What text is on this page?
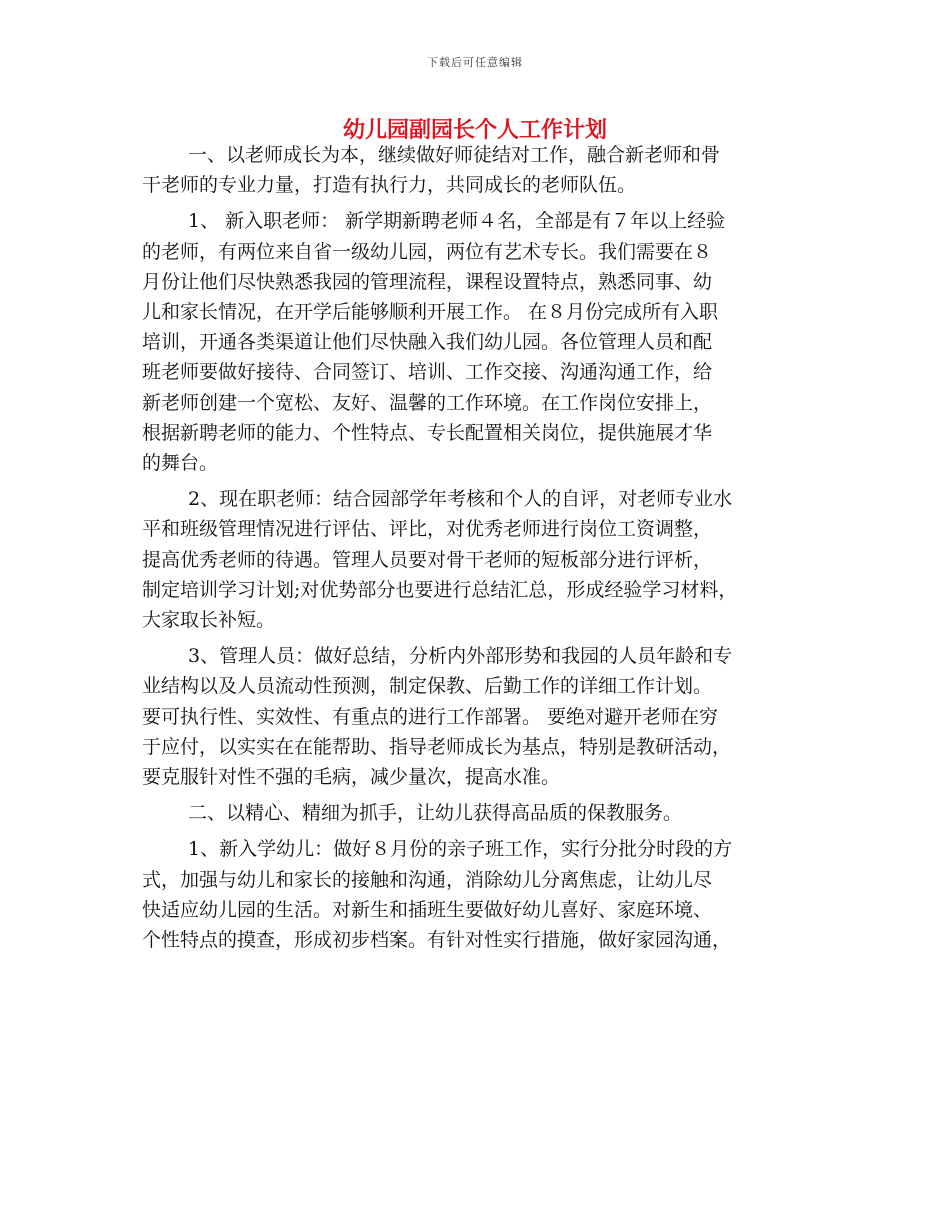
下载后可任意编辑
幼儿园副园长个人工作计划

一、以老师成长为本，继续做好师徒结对工作，融合新老师和骨
干老师的专业力量，打造有执行力，共同成长的老师队伍。

1、 新入职老师： 新学期新聘老师４名，全部是有７年以上经验
的老师，有两位来自省一级幼儿园，两位有艺术专长。我们需要在８
月份让他们尽快熟悉我园的管理流程，课程设置特点，熟悉同事、幼
儿和家长情况，在开学后能够顺利开展工作。 在８月份完成所有入职
培训，开通各类渠道让他们尽快融入我们幼儿园。各位管理人员和配
班老师要做好接待、合同签订、培训、工作交接、沟通沟通工作，给
新老师创建一个宽松、友好、温馨的工作环境。在工作岗位安排上，
根据新聘老师的能力、个性特点、专长配置相关岗位，提供施展才华
的舞台。

2、现在职老师：结合园部学年考核和个人的自评，对老师专业水
平和班级管理情况进行评估、评比，对优秀老师进行岗位工资调整，
提高优秀老师的待遇。管理人员要对骨干老师的短板部分进行评析，
制定培训学习计划;对优势部分也要进行总结汇总，形成经验学习材料，
大家取长补短。

3、管理人员：做好总结，分析内外部形势和我园的人员年龄和专
业结构以及人员流动性预测，制定保教、后勤工作的详细工作计划。
要可执行性、实效性、有重点的进行工作部署。 要绝对避开老师在穷
于应付，以实实在在能帮助、指导老师成长为基点，特别是教研活动，
要克服针对性不强的毛病，减少量次，提高水准。

二、以精心、精细为抓手，让幼儿获得高品质的保教服务。

1、新入学幼儿：做好８月份的亲子班工作，实行分批分时段的方
式，加强与幼儿和家长的接触和沟通，消除幼儿分离焦虑，让幼儿尽
快适应幼儿园的生活。对新生和插班生要做好幼儿喜好、家庭环境、
个性特点的摸查，形成初步档案。有针对性实行措施，做好家园沟通，
